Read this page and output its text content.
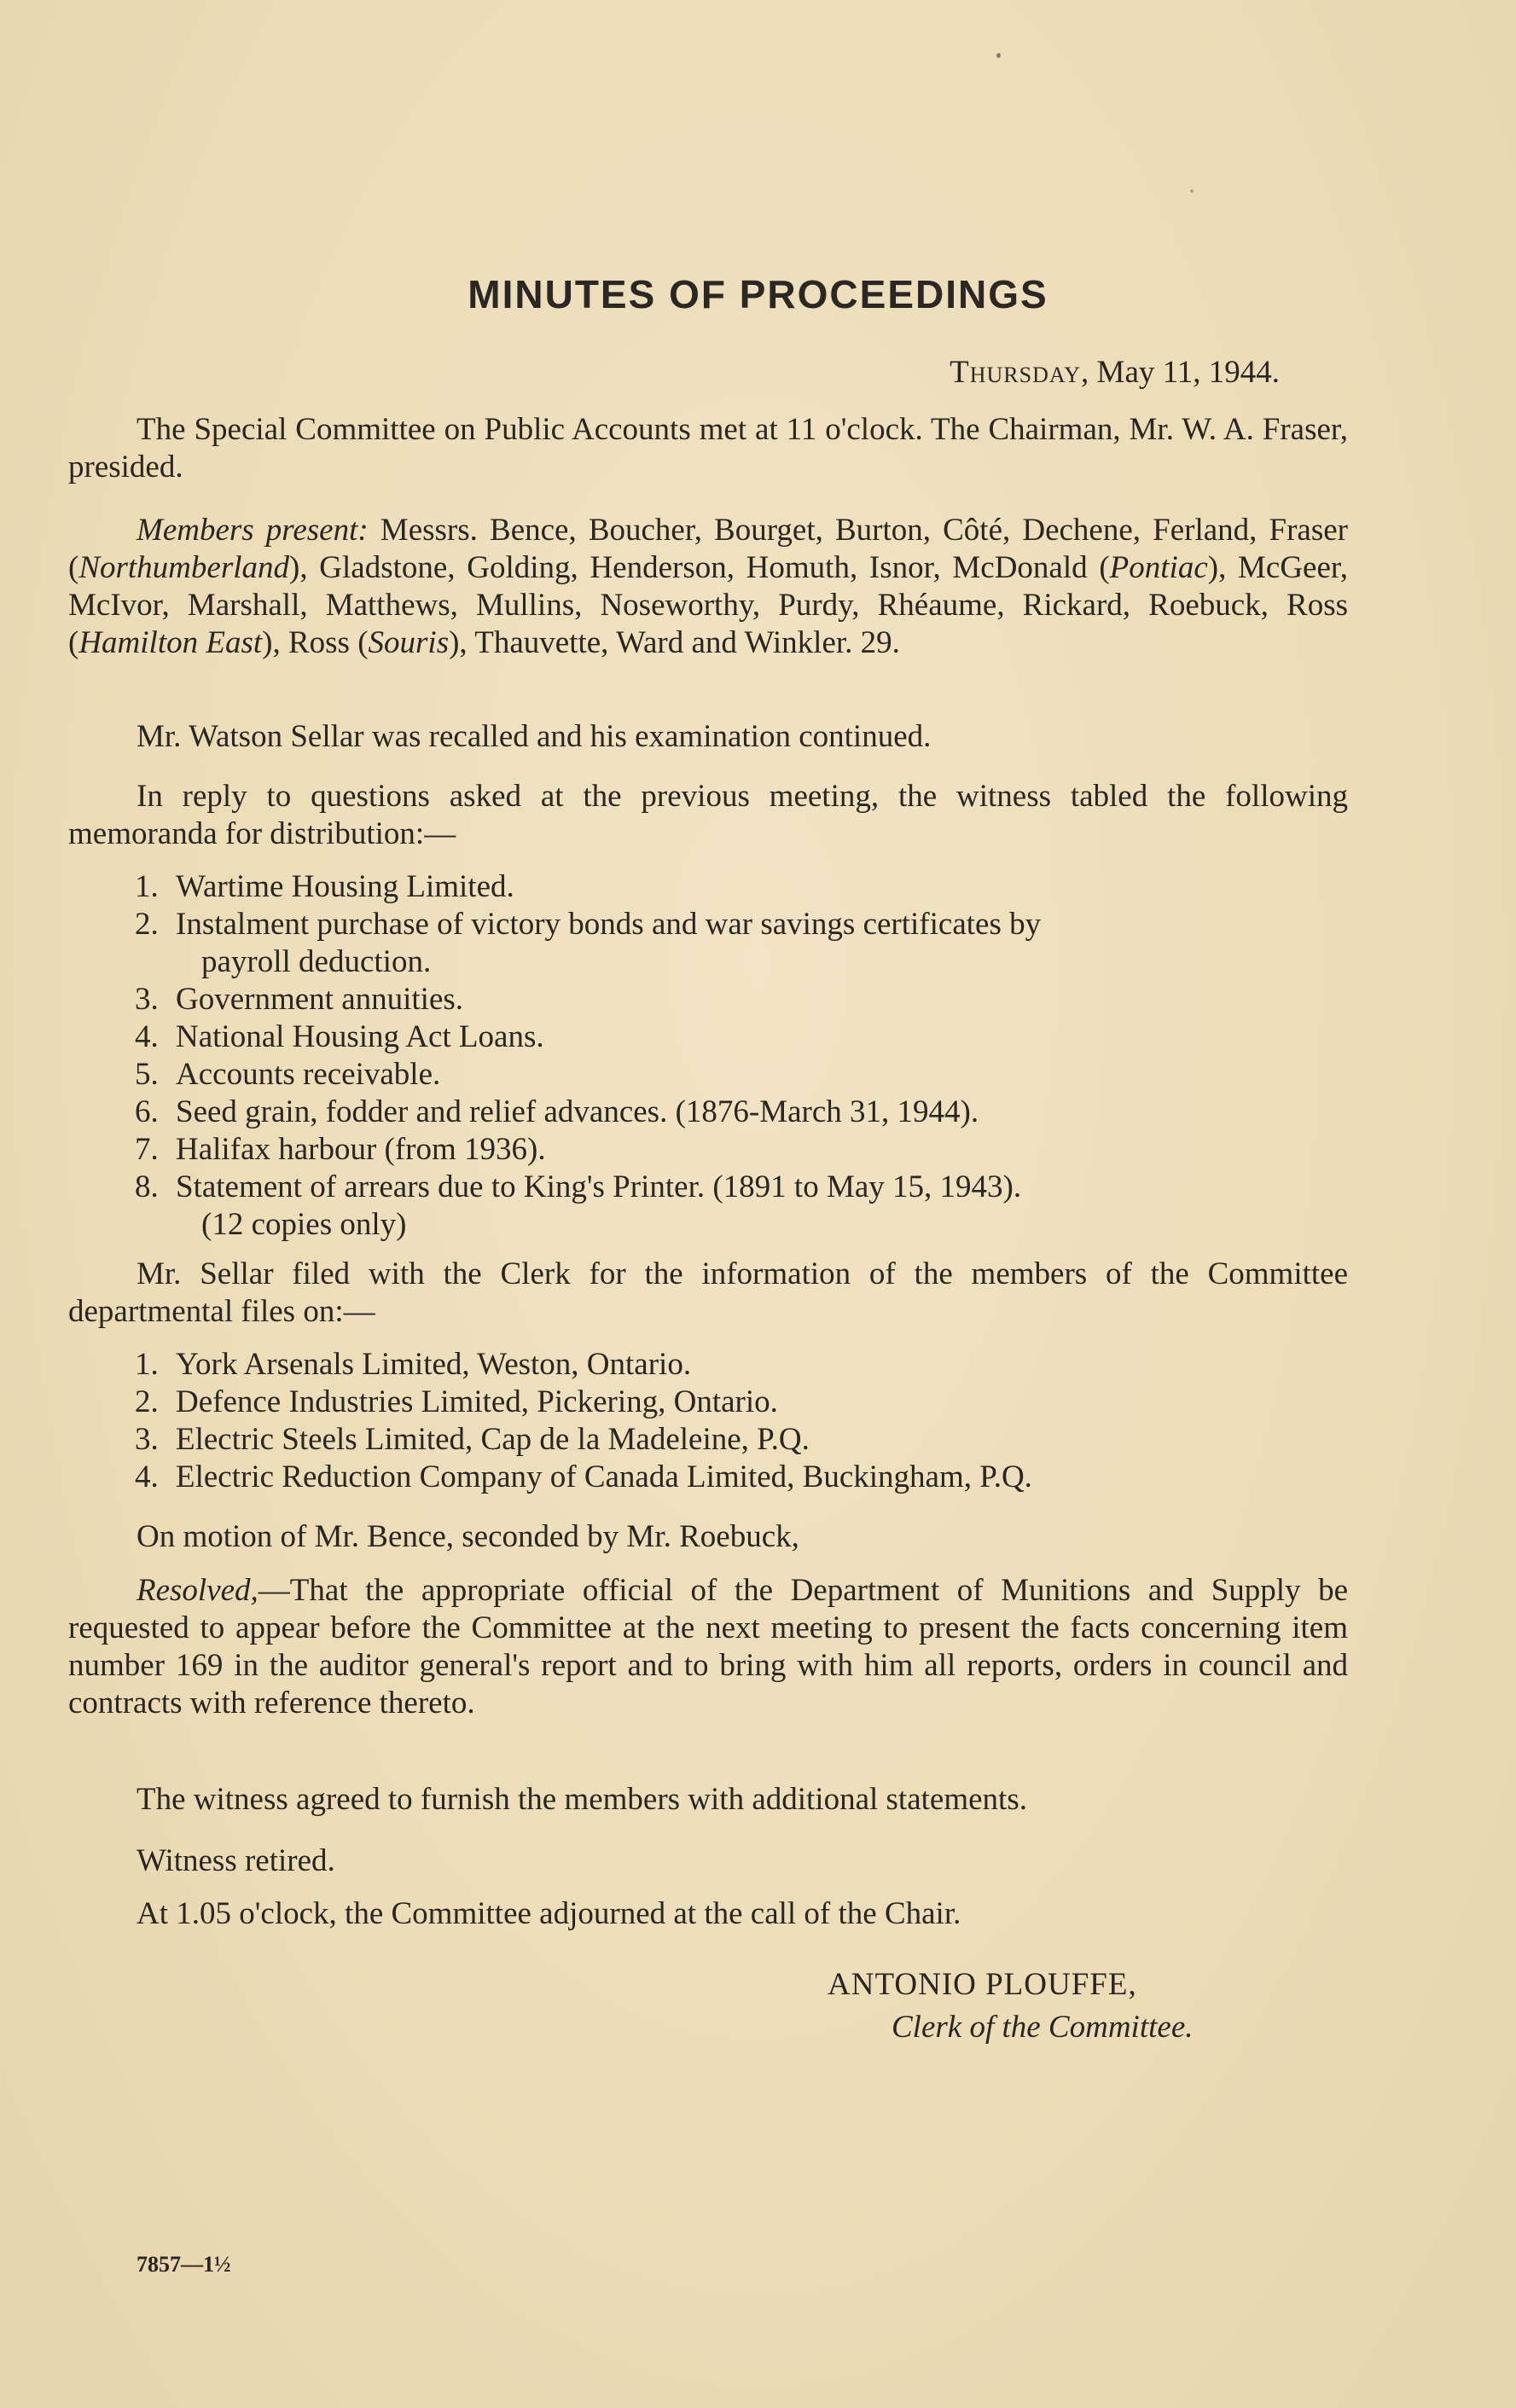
MINUTES OF PROCEEDINGS
Thursday, May 11, 1944.
The Special Committee on Public Accounts met at 11 o'clock. The Chairman, Mr. W. A. Fraser, presided.
Members present: Messrs. Bence, Boucher, Bourget, Burton, Côté, Dechene, Ferland, Fraser (Northumberland), Gladstone, Golding, Henderson, Homuth, Isnor, McDonald (Pontiac), McGeer, McIvor, Marshall, Matthews, Mullins, Noseworthy, Purdy, Rhéaume, Rickard, Roebuck, Ross (Hamilton East), Ross (Souris), Thauvette, Ward and Winkler. 29.
Mr. Watson Sellar was recalled and his examination continued.
In reply to questions asked at the previous meeting, the witness tabled the following memoranda for distribution:—
1. Wartime Housing Limited.
2. Instalment purchase of victory bonds and war savings certificates by
payroll deduction.
3. Government annuities.
4. National Housing Act Loans.
5. Accounts receivable.
6. Seed grain, fodder and relief advances. (1876-March 31, 1944).
7. Halifax harbour (from 1936).
8. Statement of arrears due to King's Printer. (1891 to May 15, 1943).
(12 copies only)
Mr. Sellar filed with the Clerk for the information of the members of the Committee departmental files on:—
1. York Arsenals Limited, Weston, Ontario.
2. Defence Industries Limited, Pickering, Ontario.
3. Electric Steels Limited, Cap de la Madeleine, P.Q.
4. Electric Reduction Company of Canada Limited, Buckingham, P.Q.
On motion of Mr. Bence, seconded by Mr. Roebuck,
Resolved,—That the appropriate official of the Department of Munitions and Supply be requested to appear before the Committee at the next meeting to present the facts concerning item number 169 in the auditor general's report and to bring with him all reports, orders in council and contracts with reference thereto.
The witness agreed to furnish the members with additional statements.
Witness retired.
At 1.05 o'clock, the Committee adjourned at the call of the Chair.
ANTONIO PLOUFFE,
Clerk of the Committee.
7857—1½
